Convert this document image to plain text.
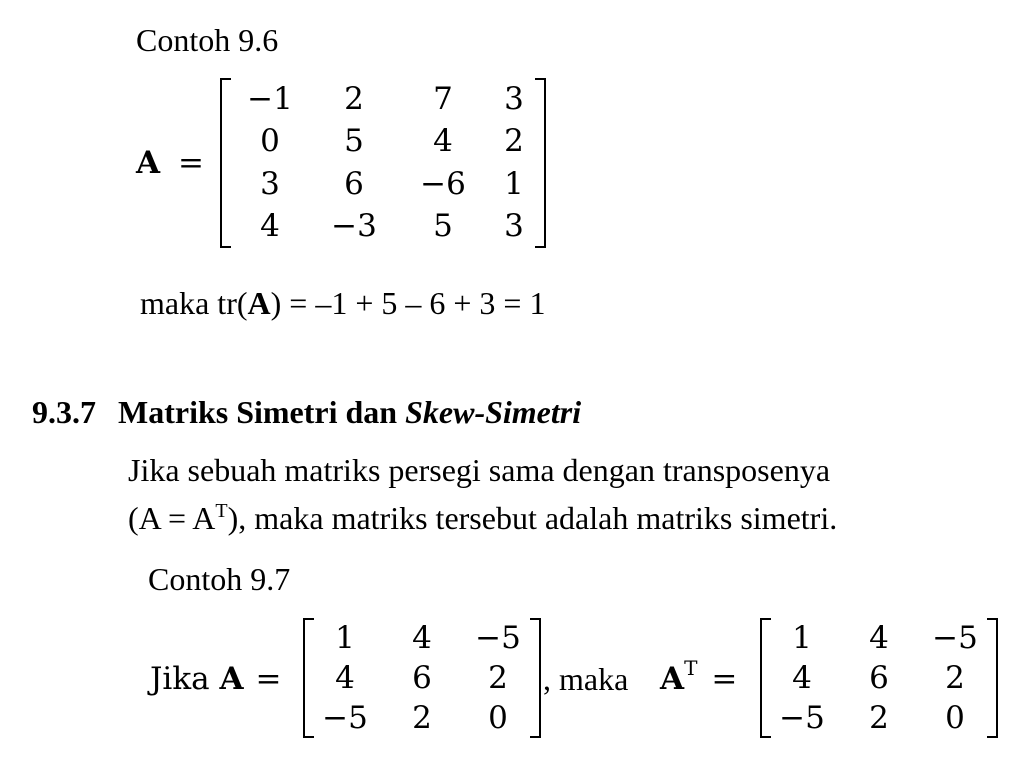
Contoh 9.6
A =
−1	2	7	3
0	5	4	2
3	6	−6	1
4	−3	5	3
maka tr(A) = –1 + 5 – 6 + 3 = 1
9.3.7 Matriks Simetri dan Skew-Simetri
Jika sebuah matriks persegi sama dengan transposenya
$(A = A^T)$, maka matriks tersebut adalah matriks simetri.
Contoh 9.7
Jika A =
1	4	−5
4	6	2
−5	2	0
, maka $A^T$ =
1	4	−5
4	6	2
−5	2	0
